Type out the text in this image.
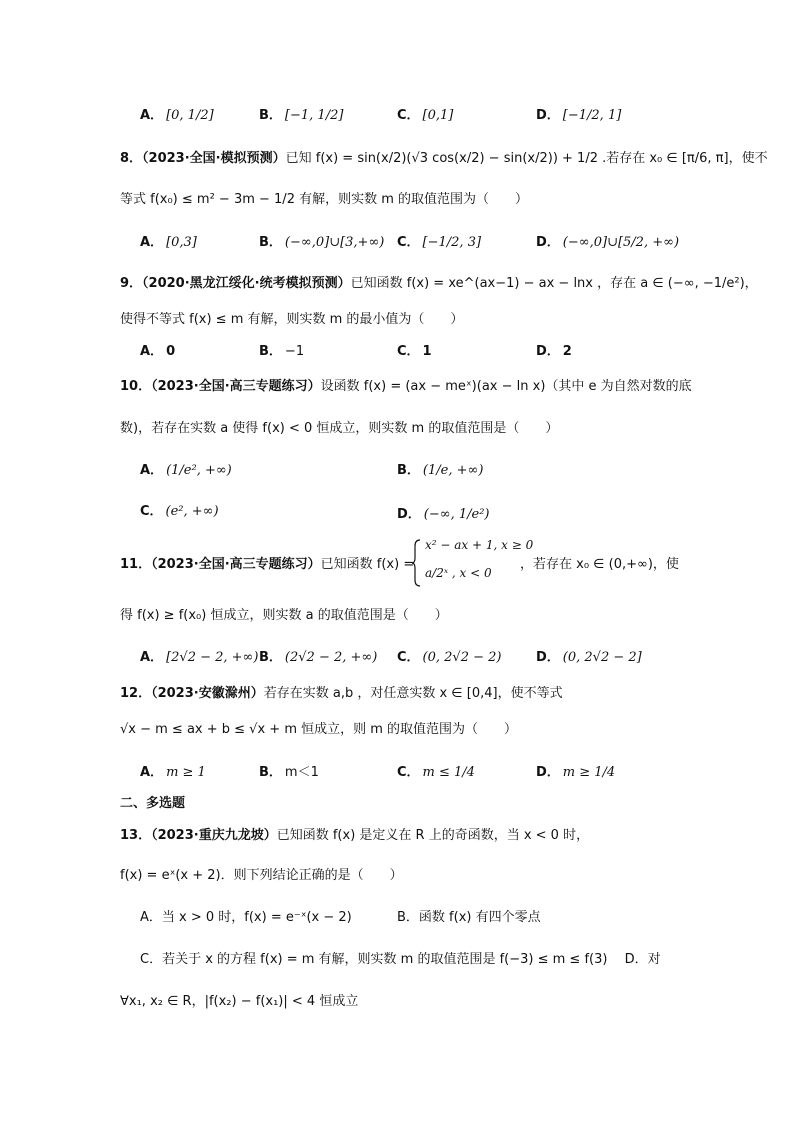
A． [0, 1/2]	B． [−1, 1/2]	C． [0,1]	D． [−1/2, 1]
8．（2023·全国·模拟预测）已知 f(x) = sin(x/2)(√3 cos(x/2) − sin(x/2)) + 1/2 .若存在 x₀ ∈ [π/6, π]，使不
等式 f(x₀) ≤ m² − 3m − 1/2 有解，则实数 m 的取值范围为（　　）
A． [0,3]	B． (−∞,0]∪[3,+∞) C． [−1/2, 3]	D． (−∞,0]∪[5/2, +∞)
9．（2020·黑龙江绥化·统考模拟预测）已知函数 f(x) = xe^(ax−1) − ax − lnx ，存在 a ∈ (−∞, −1/e²)，
使得不等式 f(x) ≤ m 有解，则实数 m 的最小值为（　　）
A． 0	B． −1	C． 1	D． 2
10．（2023·全国·高三专题练习）设函数 f(x) = (ax − meˣ)(ax − ln x)（其中 e 为自然对数的底
数)，若存在实数 a 使得 f(x) < 0 恒成立，则实数 m 的取值范围是（　　）
A． (1/e², +∞)	B． (1/e, +∞)
C． (e², +∞)	D． (−∞, 1/e²)
11．（2023·全国·高三专题练习）已知函数 f(x) =
x² − ax + 1, x ≥ 0
a/2ˣ , x < 0
，若存在 x₀ ∈ (0,+∞)，使
得 f(x) ≥ f(x₀) 恒成立，则实数 a 的取值范围是（　　）
A． [2√2 − 2, +∞) B． (2√2 − 2, +∞) C． (0, 2√2 − 2)	D． (0, 2√2 − 2]
12．（2023·安徽滁州）若存在实数 a,b ，对任意实数 x ∈ [0,4]，使不等式
√x − m ≤ ax + b ≤ √x + m 恒成立，则 m 的取值范围为（　　）
A． m ≥ 1	B． m＜1	C． m ≤ 1/4	D． m ≥ 1/4
二、多选题
13．（2023·重庆九龙坡）已知函数 f(x) 是定义在 R 上的奇函数，当 x < 0 时，
f(x) = eˣ(x + 2)．则下列结论正确的是（　　）
A．当 x > 0 时，f(x) = e⁻ˣ(x − 2)	B．函数 f(x) 有四个零点
C．若关于 x 的方程 f(x) = m 有解，则实数 m 的取值范围是 f(−3) ≤ m ≤ f(3)　 D．对
∀x₁, x₂ ∈ R，|f(x₂) − f(x₁)| < 4 恒成立
